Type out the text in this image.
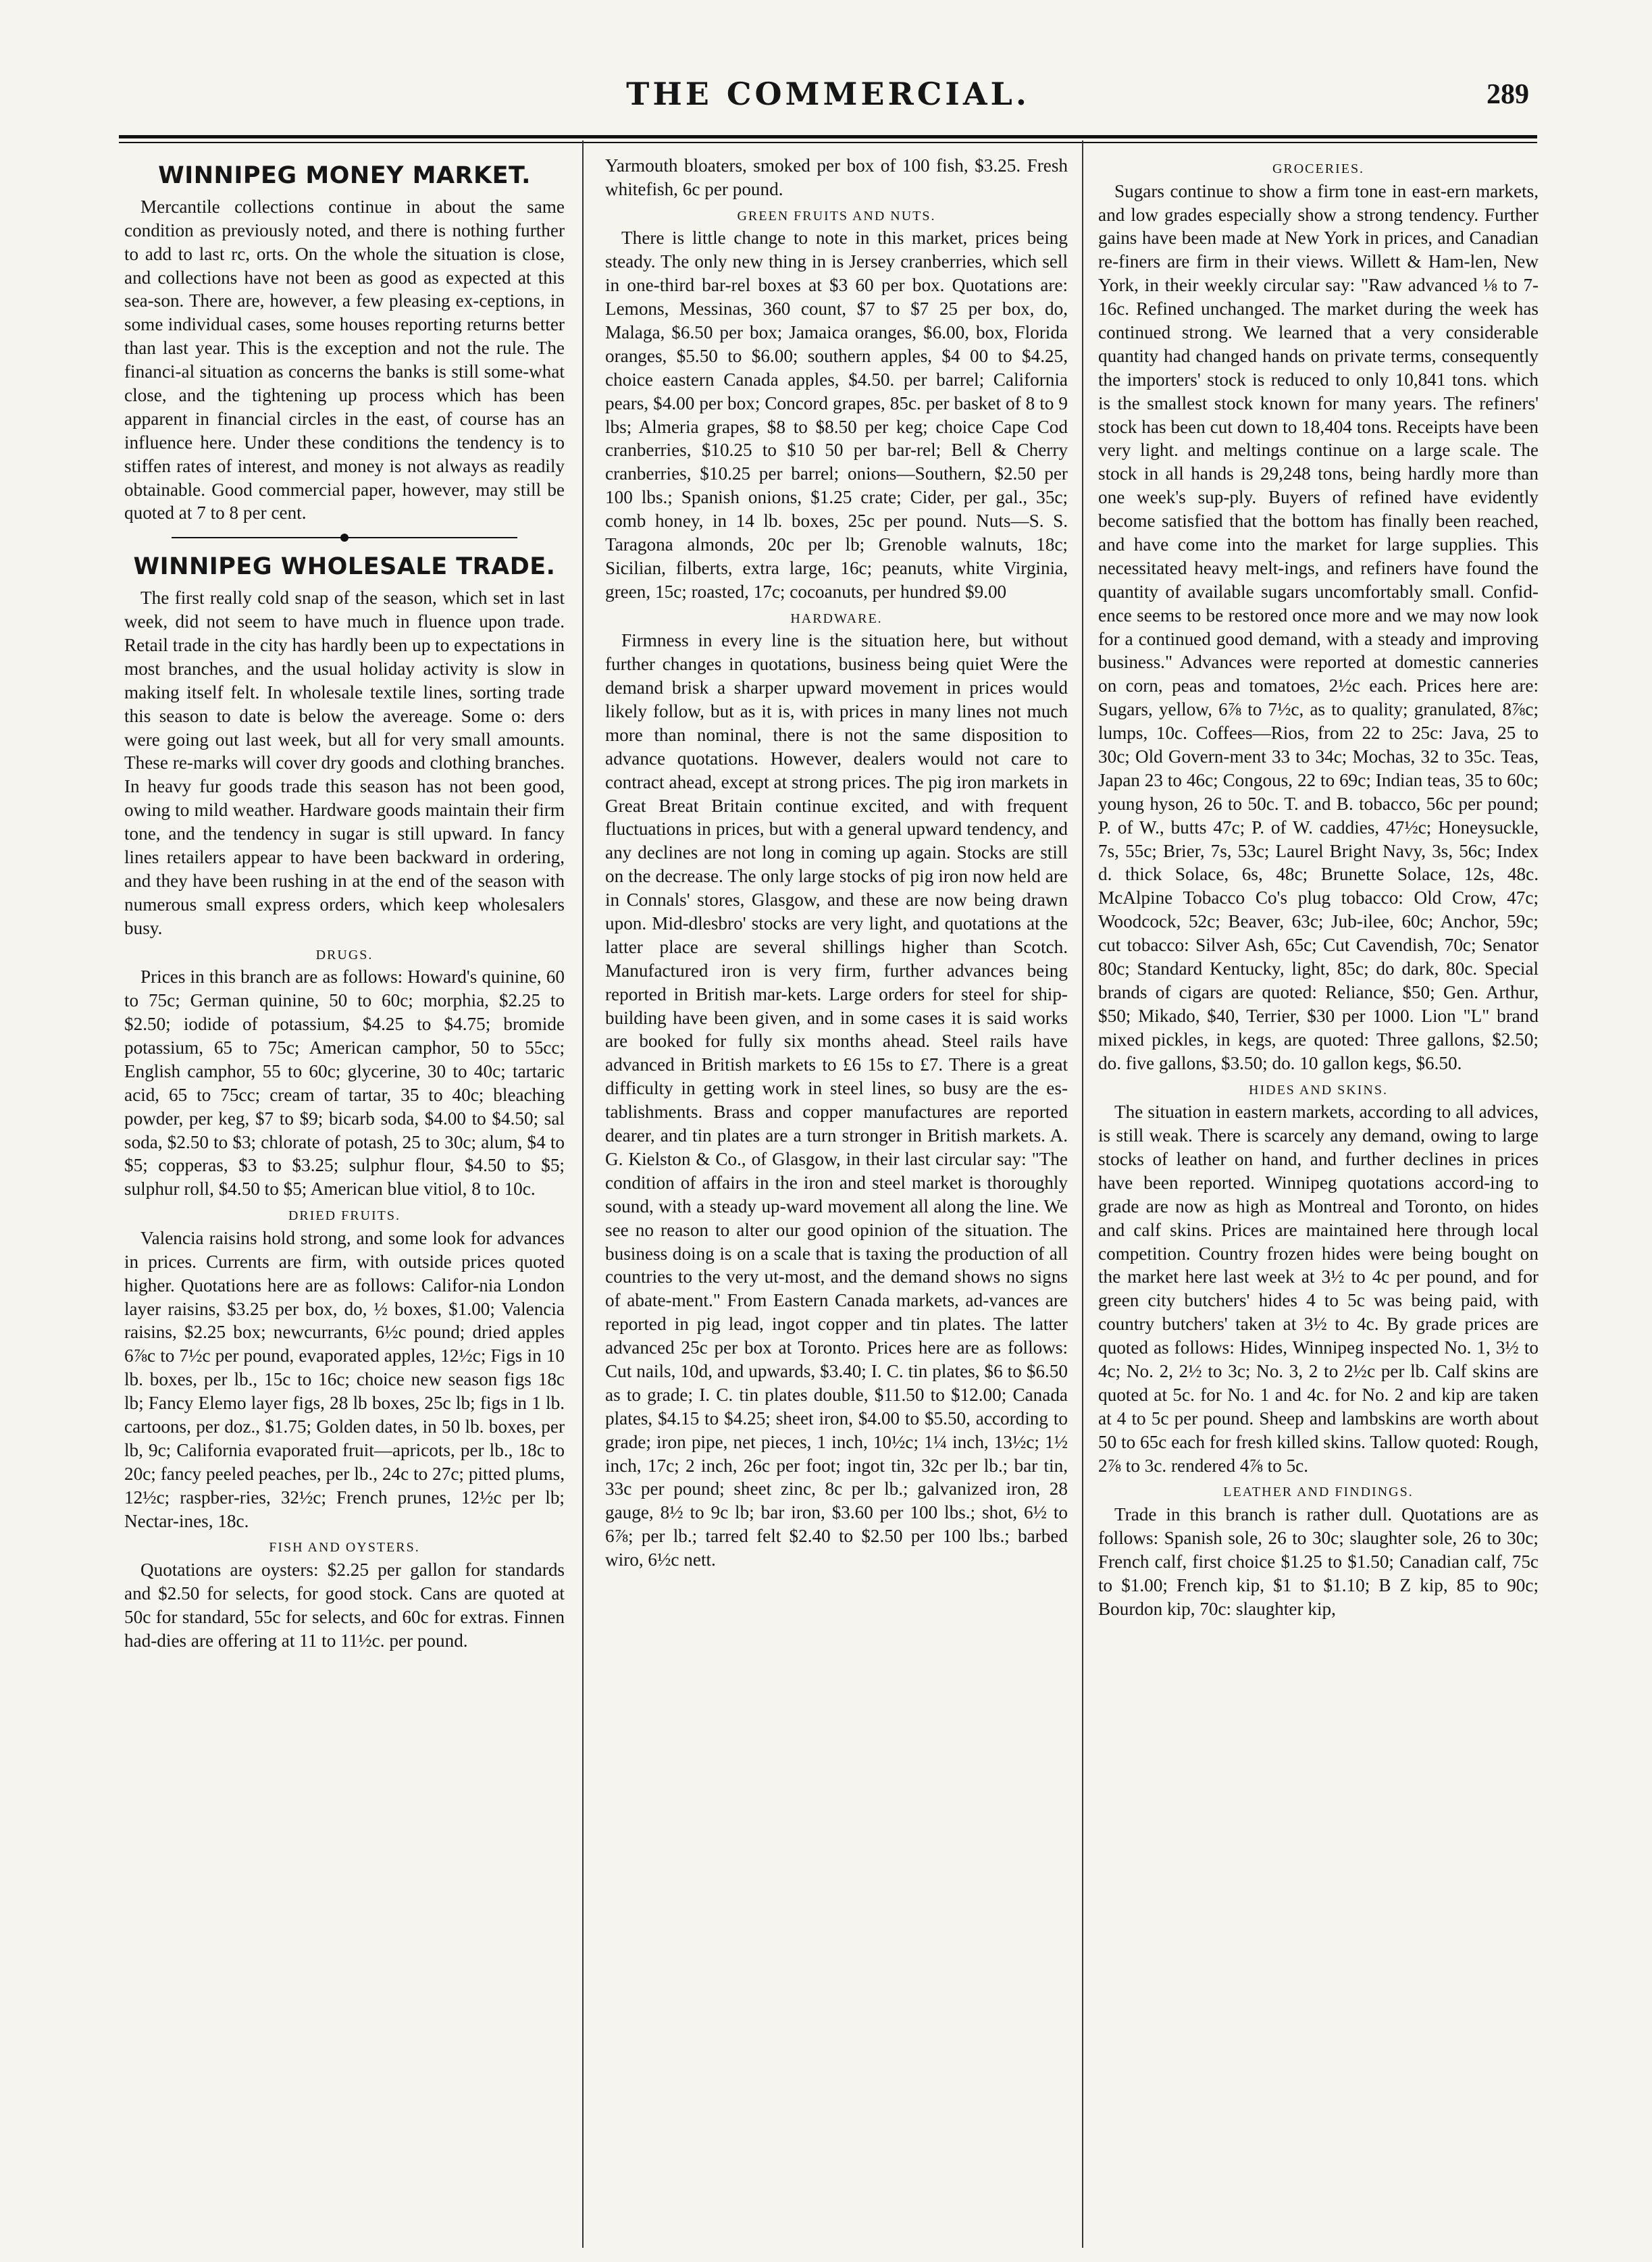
THE COMMERCIAL.	289
WINNIPEG MONEY MARKET.

Mercantile collections continue in about the same condition as previously noted, and there is nothing further to add to last rc, orts. On the whole the situation is close, and collections have not been as good as expected at this sea-son. There are, however, a few pleasing ex-ceptions, in some individual cases, some houses reporting returns better than last year. This is the exception and not the rule. The financi-al situation as concerns the banks is still some-what close, and the tightening up process which has been apparent in financial circles in the east, of course has an influence here. Under these conditions the tendency is to stiffen rates of interest, and money is not always as readily obtainable. Good commercial paper, however, may still be quoted at 7 to 8 per cent.

WINNIPEG WHOLESALE TRADE.

The first really cold snap of the season, which set in last week, did not seem to have much in fluence upon trade. Retail trade in the city has hardly been up to expectations in most branches, and the usual holiday activity is slow in making itself felt. In wholesale textile lines, sorting trade this season to date is below the avereage. Some o: ders were going out last week, but all for very small amounts. These re-marks will cover dry goods and clothing branches. In heavy fur goods trade this season has not been good, owing to mild weather. Hardware goods maintain their firm tone, and the tendency in sugar is still upward. In fancy lines retailers appear to have been backward in ordering, and they have been rushing in at the end of the season with numerous small express orders, which keep wholesalers busy.

DRUGS.

Prices in this branch are as follows: Howard's quinine, 60 to 75c; German quinine, 50 to 60c; morphia, $2.25 to $2.50; iodide of potassium, $4.25 to $4.75; bromide potassium, 65 to 75c; American camphor, 50 to 55cc; English camphor, 55 to 60c; glycerine, 30 to 40c; tartaric acid, 65 to 75cc; cream of tartar, 35 to 40c; bleaching powder, per keg, $7 to $9; bicarb soda, $4.00 to $4.50; sal soda, $2.50 to $3; chlorate of potash, 25 to 30c; alum, $4 to $5; copperas, $3 to $3.25; sulphur flour, $4.50 to $5; sulphur roll, $4.50 to $5; American blue vitiol, 8 to 10c.

DRIED FRUITS.

Valencia raisins hold strong, and some look for advances in prices. Currents are firm, with outside prices quoted higher. Quotations here are as follows: Califor-nia London layer raisins, $3.25 per box, do, ½ boxes, $1.00; Valencia raisins, $2.25 box; newcurrants, 6½c pound; dried apples 6⅞c to 7½c per pound, evaporated apples, 12½c; Figs in 10 lb. boxes, per lb., 15c to 16c; choice new season figs 18c lb; Fancy Elemo layer figs, 28 lb boxes, 25c lb; figs in 1 lb. cartoons, per doz., $1.75; Golden dates, in 50 lb. boxes, per lb, 9c; California evaporated fruit—apricots, per lb., 18c to 20c; fancy peeled peaches, per lb., 24c to 27c; pitted plums, 12½c; raspber-ries, 32½c; French prunes, 12½c per lb; Nectar-ines, 18c.

FISH AND OYSTERS.

Quotations are oysters: $2.25 per gallon for standards and $2.50 for selects, for good stock. Cans are quoted at 50c for standard, 55c for selects, and 60c for extras. Finnen had-dies are offering at 11 to 11½c. per pound.

Yarmouth bloaters, smoked per box of 100 fish, $3.25. Fresh whitefish, 6c per pound.

GREEN FRUITS AND NUTS.

There is little change to note in this market, prices being steady. The only new thing in is Jersey cranberries, which sell in one-third bar-rel boxes at $3 60 per box. Quotations are: Lemons, Messinas, 360 count, $7 to $7 25 per box, do, Malaga, $6.50 per box; Jamaica oranges, $6.00, box, Florida oranges, $5.50 to $6.00; southern apples, $4 00 to $4.25, choice eastern Canada apples, $4.50. per barrel; California pears, $4.00 per box; Concord grapes, 85c. per basket of 8 to 9 lbs; Almeria grapes, $8 to $8.50 per keg; choice Cape Cod cranberries, $10.25 to $10 50 per bar-rel; Bell & Cherry cranberries, $10.25 per barrel; onions—Southern, $2.50 per 100 lbs.; Spanish onions, $1.25 crate; Cider, per gal., 35c; comb honey, in 14 lb. boxes, 25c per pound. Nuts—S. S. Taragona almonds, 20c per lb; Grenoble walnuts, 18c; Sicilian, filberts, extra large, 16c; peanuts, white Virginia, green, 15c; roasted, 17c; cocoanuts, per hundred $9.00

HARDWARE.

Firmness in every line is the situation here, but without further changes in quotations, business being quiet Were the demand brisk a sharper upward movement in prices would likely follow, but as it is, with prices in many lines not much more than nominal, there is not the same disposition to advance quotations. However, dealers would not care to contract ahead, except at strong prices. The pig iron markets in Great Breat Britain continue excited, and with frequent fluctuations in prices, but with a general upward tendency, and any declines are not long in coming up again. Stocks are still on the decrease. The only large stocks of pig iron now held are in Connals' stores, Glasgow, and these are now being drawn upon. Mid-dlesbro' stocks are very light, and quotations at the latter place are several shillings higher than Scotch. Manufactured iron is very firm, further advances being reported in British mar-kets. Large orders for steel for ship-building have been given, and in some cases it is said works are booked for fully six months ahead. Steel rails have advanced in British markets to £6 15s to £7. There is a great difficulty in getting work in steel lines, so busy are the es-tablishments. Brass and copper manufactures are reported dearer, and tin plates are a turn stronger in British markets. A. G. Kielston & Co., of Glasgow, in their last circular say: "The condition of affairs in the iron and steel market is thoroughly sound, with a steady up-ward movement all along the line. We see no reason to alter our good opinion of the situation. The business doing is on a scale that is taxing the production of all countries to the very ut-most, and the demand shows no signs of abate-ment." From Eastern Canada markets, ad-vances are reported in pig lead, ingot copper and tin plates. The latter advanced 25c per box at Toronto. Prices here are as follows: Cut nails, 10d, and upwards, $3.40; I. C. tin plates, $6 to $6.50 as to grade; I. C. tin plates double, $11.50 to $12.00; Canada plates, $4.15 to $4.25; sheet iron, $4.00 to $5.50, according to grade; iron pipe, net pieces, 1 inch, 10½c; 1¼ inch, 13½c; 1½ inch, 17c; 2 inch, 26c per foot; ingot tin, 32c per lb.; bar tin, 33c per pound; sheet zinc, 8c per lb.; galvanized iron, 28 gauge, 8½ to 9c lb; bar iron, $3.60 per 100 lbs.; shot, 6½ to 6⅞; per lb.; tarred felt $2.40 to $2.50 per 100 lbs.; barbed wiro, 6½c nett.

GROCERIES.

Sugars continue to show a firm tone in east-ern markets, and low grades especially show a strong tendency. Further gains have been made at New York in prices, and Canadian re-finers are firm in their views. Willett & Ham-len, New York, in their weekly circular say: "Raw advanced ⅛ to 7-16c. Refined unchanged. The market during the week has continued strong. We learned that a very considerable quantity had changed hands on private terms, consequently the importers' stock is reduced to only 10,841 tons. which is the smallest stock known for many years. The refiners' stock has been cut down to 18,404 tons. Receipts have been very light. and meltings continue on a large scale. The stock in all hands is 29,248 tons, being hardly more than one week's sup-ply. Buyers of refined have evidently become satisfied that the bottom has finally been reached, and have come into the market for large supplies. This necessitated heavy melt-ings, and refiners have found the quantity of available sugars uncomfortably small. Confid-ence seems to be restored once more and we may now look for a continued good demand, with a steady and improving business." Advances were reported at domestic canneries on corn, peas and tomatoes, 2½c each. Prices here are: Sugars, yellow, 6⅞ to 7½c, as to quality; granulated, 8⅞c; lumps, 10c. Coffees—Rios, from 22 to 25c: Java, 25 to 30c; Old Govern-ment 33 to 34c; Mochas, 32 to 35c. Teas, Japan 23 to 46c; Congous, 22 to 69c; Indian teas, 35 to 60c; young hyson, 26 to 50c. T. and B. tobacco, 56c per pound; P. of W., butts 47c; P. of W. caddies, 47½c; Honeysuckle, 7s, 55c; Brier, 7s, 53c; Laurel Bright Navy, 3s, 56c; Index d. thick Solace, 6s, 48c; Brunette Solace, 12s, 48c. McAlpine Tobacco Co's plug tobacco: Old Crow, 47c; Woodcock, 52c; Beaver, 63c; Jub-ilee, 60c; Anchor, 59c; cut tobacco: Silver Ash, 65c; Cut Cavendish, 70c; Senator 80c; Standard Kentucky, light, 85c; do dark, 80c. Special brands of cigars are quoted: Reliance, $50; Gen. Arthur, $50; Mikado, $40, Terrier, $30 per 1000. Lion "L" brand mixed pickles, in kegs, are quoted: Three gallons, $2.50; do. five gallons, $3.50; do. 10 gallon kegs, $6.50.

HIDES AND SKINS.

The situation in eastern markets, according to all advices, is still weak. There is scarcely any demand, owing to large stocks of leather on hand, and further declines in prices have been reported. Winnipeg quotations accord-ing to grade are now as high as Montreal and Toronto, on hides and calf skins. Prices are maintained here through local competition. Country frozen hides were being bought on the market here last week at 3½ to 4c per pound, and for green city butchers' hides 4 to 5c was being paid, with country butchers' taken at 3½ to 4c. By grade prices are quoted as follows: Hides, Winnipeg inspected No. 1, 3½ to 4c; No. 2, 2½ to 3c; No. 3, 2 to 2½c per lb. Calf skins are quoted at 5c. for No. 1 and 4c. for No. 2 and kip are taken at 4 to 5c per pound. Sheep and lambskins are worth about 50 to 65c each for fresh killed skins. Tallow quoted: Rough, 2⅞ to 3c. rendered 4⅞ to 5c.

LEATHER AND FINDINGS.

Trade in this branch is rather dull. Quotations are as follows: Spanish sole, 26 to 30c; slaughter sole, 26 to 30c; French calf, first choice $1.25 to $1.50; Canadian calf, 75c to $1.00; French kip, $1 to $1.10; B Z kip, 85 to 90c; Bourdon kip, 70c: slaughter kip,
